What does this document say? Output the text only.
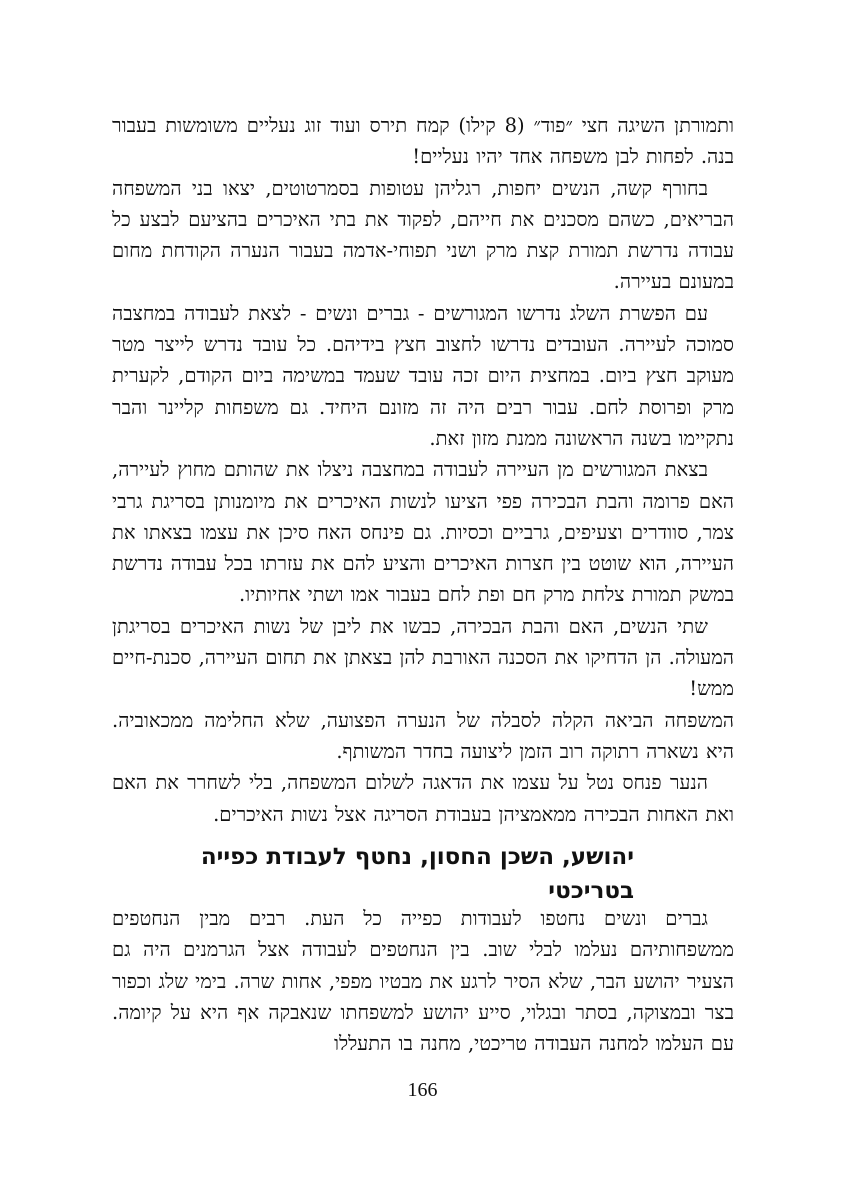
ותמורתן השיגה חצי ״פוד״ (8 קילו) קמח תירס ועוד זוג נעליים משומשות בעבור בנה. לפחות לבן משפחה אחד יהיו נעליים!

בחורף קשה, הנשים יחפות, רגליהן עטופות בסמרטוטים, יצאו בני המשפחה הבריאים, כשהם מסכנים את חייהם, לפקוד את בתי האיכרים בהציעם לבצע כל עבודה נדרשת תמורת קצת מרק ושני תפוחי-אדמה בעבור הנערה הקודחת מחום במעונם בעיירה.

עם הפשרת השלג נדרשו המגורשים - גברים ונשים - לצאת לעבודה במחצבה סמוכה לעיירה. העובדים נדרשו לחצוב חצץ בידיהם. כל עובד נדרש לייצר מטר מעוקב חצץ ביום. במחצית היום זכה עובד שעמד במשימה ביום הקודם, לקערית מרק ופרוסת לחם. עבור רבים היה זה מזונם היחיד. גם משפחות קליינר והבר נתקיימו בשנה הראשונה ממנת מזון זאת.

בצאת המגורשים מן העיירה לעבודה במחצבה ניצלו את שהותם מחוץ לעיירה, האם פרומה והבת הבכירה פפי הציעו לנשות האיכרים את מיומנותן בסריגת גרבי צמר, סוודרים וצעיפים, גרביים וכסיות. גם פינחס האח סיכן את עצמו בצאתו את העיירה, הוא שוטט בין חצרות האיכרים והציע להם את עזרתו בכל עבודה נדרשת במשק תמורת צלחת מרק חם ופת לחם בעבור אמו ושתי אחיותיו.

שתי הנשים, האם והבת הבכירה, כבשו את ליבן של נשות האיכרים בסריגתן המעולה. הן הדחיקו את הסכנה האורבת להן בצאתן את תחום העיירה, סכנת-חיים ממש!

המשפחה הביאה הקלה לסבלה של הנערה הפצועה, שלא החלימה ממכאוביה. היא נשארה רתוקה רוב הזמן ליצועה בחדר המשותף.

הנער פנחס נטל על עצמו את הדאגה לשלום המשפחה, בלי לשחרר את האם ואת האחות הבכירה ממאמציהן בעבודת הסריגה אצל נשות האיכרים.

יהושע, השכן החסון, נחטף לעבודת כפייה בטריכטי

גברים ונשים נחטפו לעבודות כפייה כל העת. רבים מבין הנחטפים ממשפחותיהם נעלמו לבלי שוב. בין הנחטפים לעבודה אצל הגרמנים היה גם הצעיר יהושע הבר, שלא הסיר לרגע את מבטיו מפפי, אחות שרה. בימי שלג וכפור בצר ובמצוקה, בסתר ובגלוי, סייע יהושע למשפחתו שנאבקה אף היא על קיומה. עם העלמו למחנה העבודה טריכטי, מחנה בו התעללו

166
